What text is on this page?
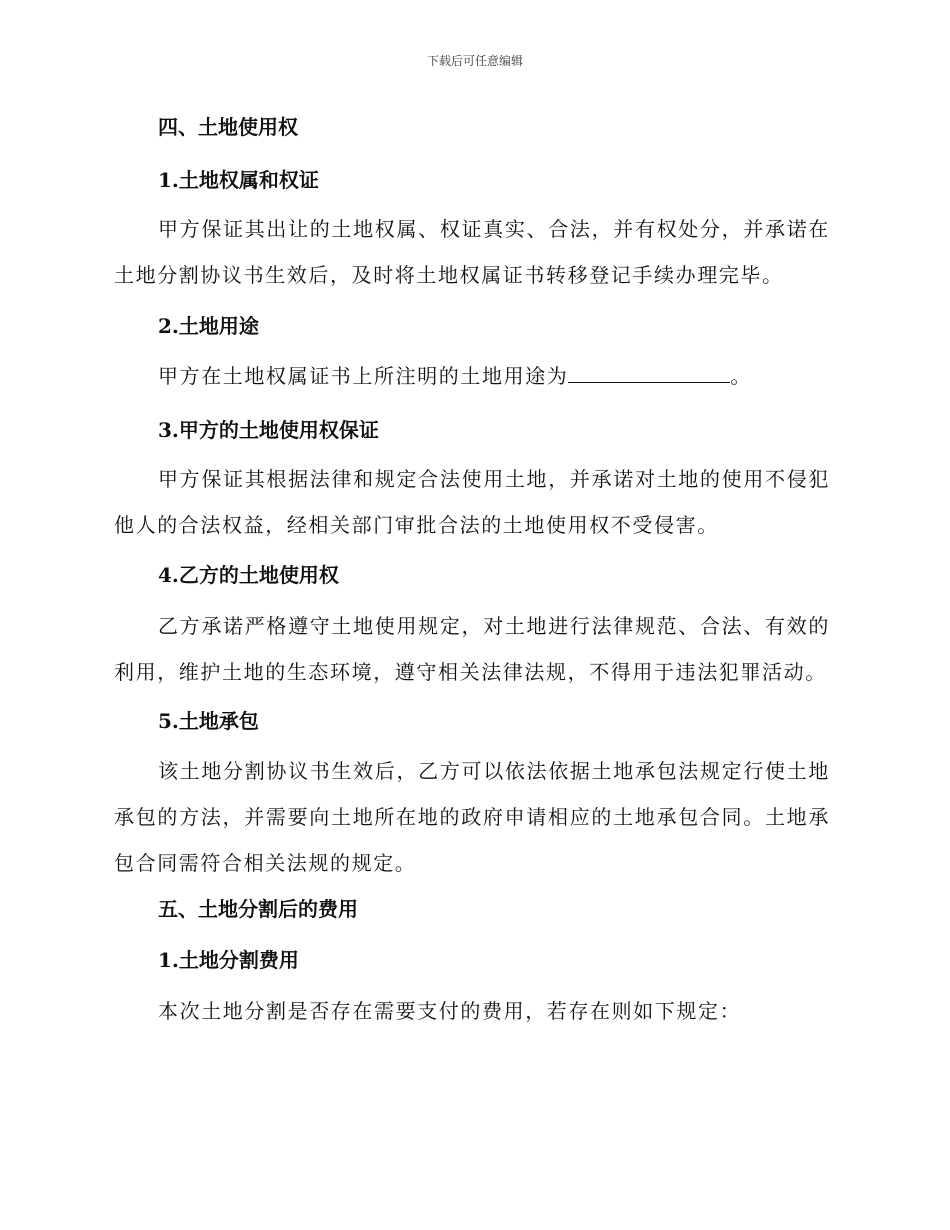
下载后可任意编辑
四、土地使用权
1.土地权属和权证
甲方保证其出让的土地权属、权证真实、合法，并有权处分，并承诺在土地分割协议书生效后，及时将土地权属证书转移登记手续办理完毕。
2.土地用途
甲方在土地权属证书上所注明的土地用途为	。
3.甲方的土地使用权保证
甲方保证其根据法律和规定合法使用土地，并承诺对土地的使用不侵犯他人的合法权益，经相关部门审批合法的土地使用权不受侵害。
4.乙方的土地使用权
乙方承诺严格遵守土地使用规定，对土地进行法律规范、合法、有效的利用，维护土地的生态环境，遵守相关法律法规，不得用于违法犯罪活动。
5.土地承包
该土地分割协议书生效后，乙方可以依法依据土地承包法规定行使土地承包的方法，并需要向土地所在地的政府申请相应的土地承包合同。土地承包合同需符合相关法规的规定。
五、土地分割后的费用
1.土地分割费用
本次土地分割是否存在需要支付的费用，若存在则如下规定：
